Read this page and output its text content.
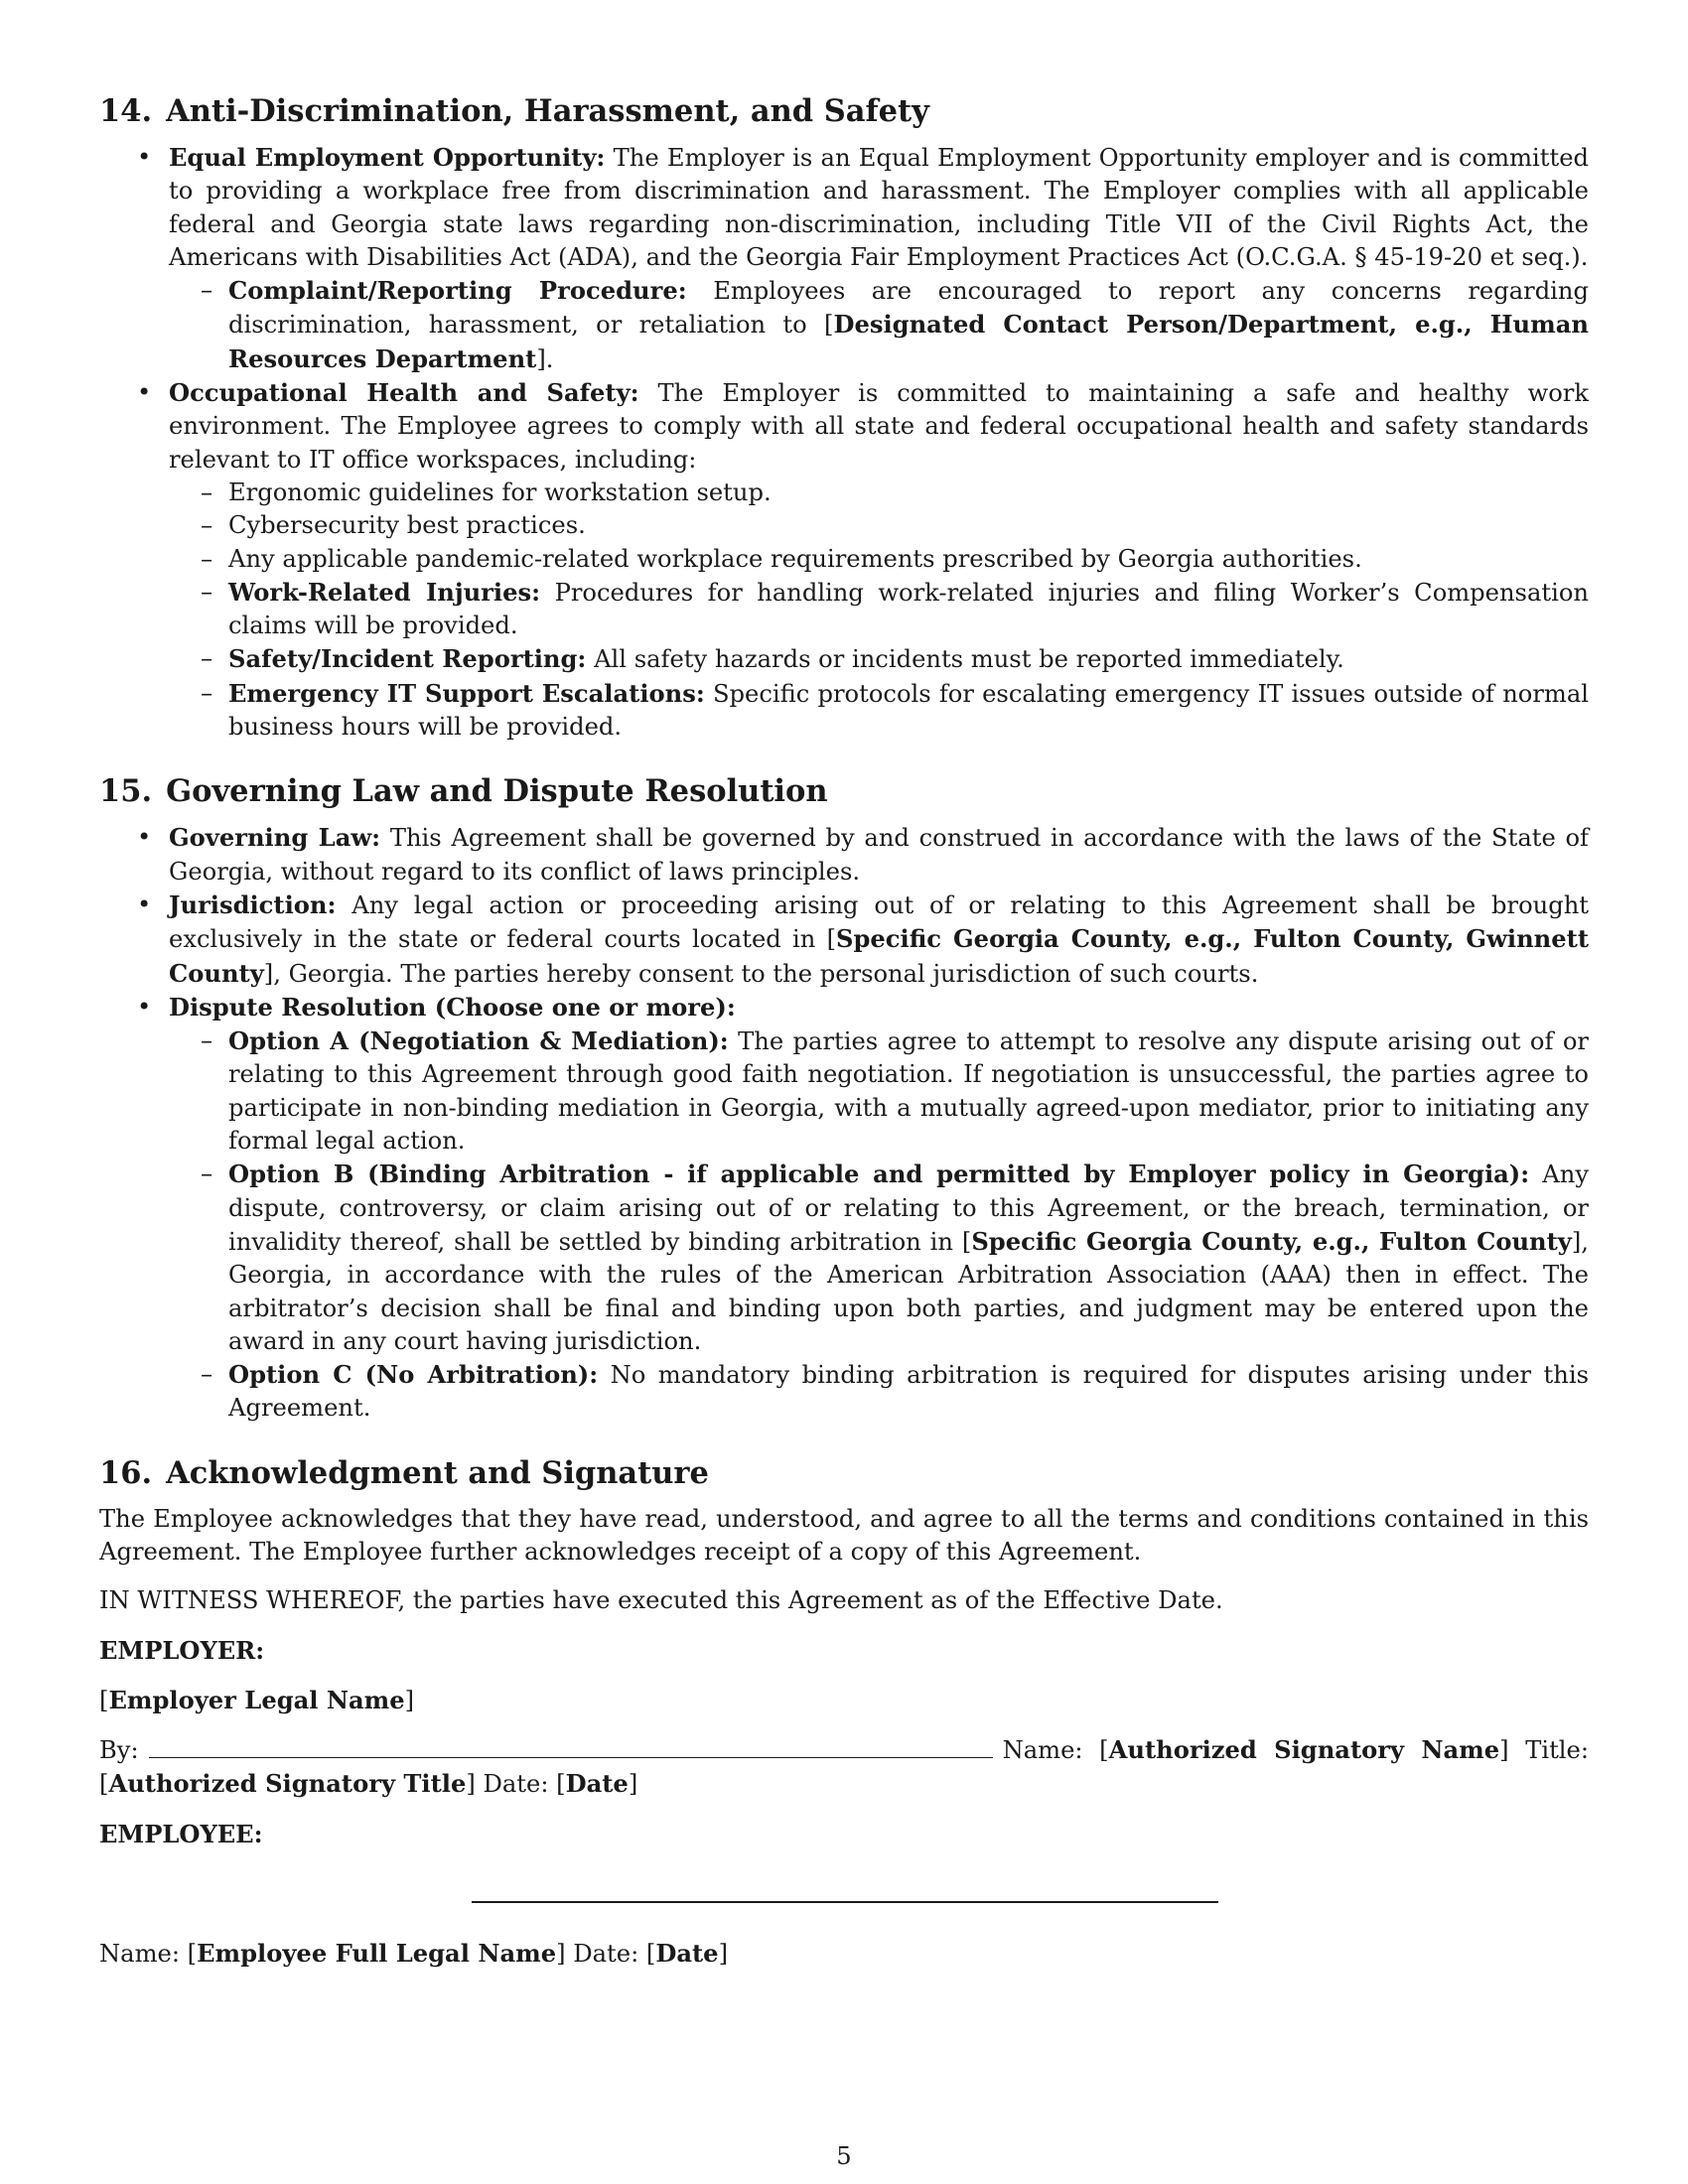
14. Anti-Discrimination, Harassment, and Safety
• Equal Employment Opportunity: The Employer is an Equal Employment Opportunity employer and is committed to providing a workplace free from discrimination and harassment. The Employer complies with all applicable federal and Georgia state laws regarding non-discrimination, including Title VII of the Civil Rights Act, the Americans with Disabilities Act (ADA), and the Georgia Fair Employment Practices Act (O.C.G.A. § 45-19-20 et seq.).
– Complaint/Reporting Procedure: Employees are encouraged to report any concerns regarding discrimination, harassment, or retaliation to [Designated Contact Person/Department, e.g., Human Resources Department].
• Occupational Health and Safety: The Employer is committed to maintaining a safe and healthy work environment. The Employee agrees to comply with all state and federal occupational health and safety standards relevant to IT office workspaces, including:
– Ergonomic guidelines for workstation setup.
– Cybersecurity best practices.
– Any applicable pandemic-related workplace requirements prescribed by Georgia authorities.
– Work-Related Injuries: Procedures for handling work-related injuries and filing Worker’s Compensation claims will be provided.
– Safety/Incident Reporting: All safety hazards or incidents must be reported immediately.
– Emergency IT Support Escalations: Specific protocols for escalating emergency IT issues outside of normal business hours will be provided.
15. Governing Law and Dispute Resolution
• Governing Law: This Agreement shall be governed by and construed in accordance with the laws of the State of Georgia, without regard to its conflict of laws principles.
• Jurisdiction: Any legal action or proceeding arising out of or relating to this Agreement shall be brought exclusively in the state or federal courts located in [Specific Georgia County, e.g., Fulton County, Gwinnett County], Georgia. The parties hereby consent to the personal jurisdiction of such courts.
• Dispute Resolution (Choose one or more):
– Option A (Negotiation & Mediation): The parties agree to attempt to resolve any dispute arising out of or relating to this Agreement through good faith negotiation. If negotiation is unsuccessful, the parties agree to participate in non-binding mediation in Georgia, with a mutually agreed-upon mediator, prior to initiating any formal legal action.
– Option B (Binding Arbitration - if applicable and permitted by Employer policy in Georgia): Any dispute, controversy, or claim arising out of or relating to this Agreement, or the breach, termination, or invalidity thereof, shall be settled by binding arbitration in [Specific Georgia County, e.g., Fulton County], Georgia, in accordance with the rules of the American Arbitration Association (AAA) then in effect. The arbitrator’s decision shall be final and binding upon both parties, and judgment may be entered upon the award in any court having jurisdiction.
– Option C (No Arbitration): No mandatory binding arbitration is required for disputes arising under this Agreement.
16. Acknowledgment and Signature

The Employee acknowledges that they have read, understood, and agree to all the terms and conditions contained in this Agreement. The Employee further acknowledges receipt of a copy of this Agreement.

IN WITNESS WHEREOF, the parties have executed this Agreement as of the Effective Date.

EMPLOYER:

[Employer Legal Name]

By:	Name: [Authorized Signatory Name] Title: [Authorized Signatory Title] Date: [Date]

EMPLOYEE:

Name: [Employee Full Legal Name] Date: [Date]

5
